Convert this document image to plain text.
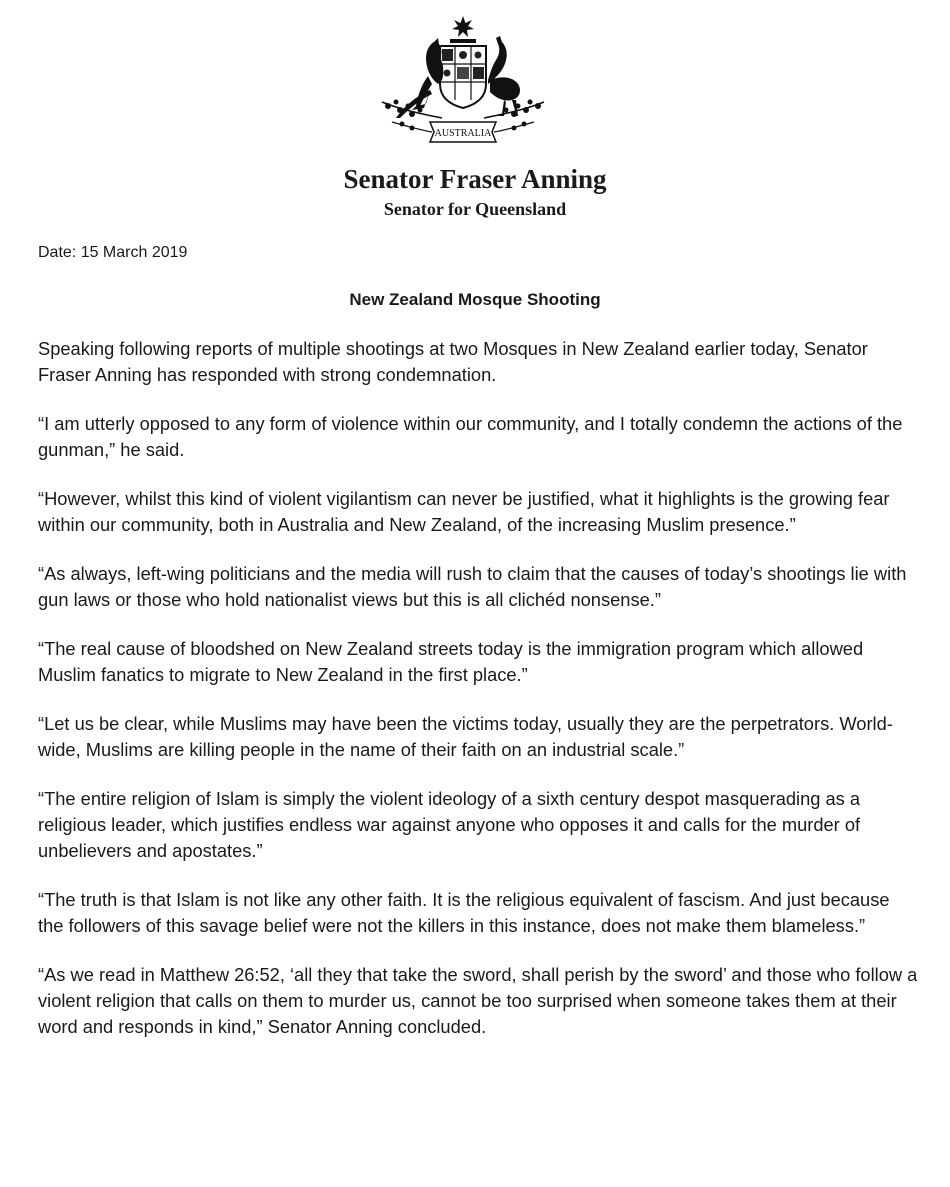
AUSTRALIA
Senator Fraser Anning
Senator for Queensland

Date: 15 March 2019

New Zealand Mosque Shooting

Speaking following reports of multiple shootings at two Mosques in New Zealand earlier today, Senator Fraser Anning has responded with strong condemnation.

“I am utterly opposed to any form of violence within our community, and I totally condemn the actions of the gunman,” he said.

“However, whilst this kind of violent vigilantism can never be justified, what it highlights is the growing fear within our community, both in Australia and New Zealand, of the increasing Muslim presence.”

“As always, left-wing politicians and the media will rush to claim that the causes of today’s shootings lie with gun laws or those who hold nationalist views but this is all clichéd nonsense.”

“The real cause of bloodshed on New Zealand streets today is the immigration program which allowed Muslim fanatics to migrate to New Zealand in the first place.”

“Let us be clear, while Muslims may have been the victims today, usually they are the perpetrators. World-wide, Muslims are killing people in the name of their faith on an industrial scale.”

“The entire religion of Islam is simply the violent ideology of a sixth century despot masquerading as a religious leader, which justifies endless war against anyone who opposes it and calls for the murder of unbelievers and apostates.”

“The truth is that Islam is not like any other faith. It is the religious equivalent of fascism. And just because the followers of this savage belief were not the killers in this instance, does not make them blameless.”

“As we read in Matthew 26:52, ‘all they that take the sword, shall perish by the sword’ and those who follow a violent religion that calls on them to murder us, cannot be too surprised when someone takes them at their word and responds in kind,” Senator Anning concluded.
